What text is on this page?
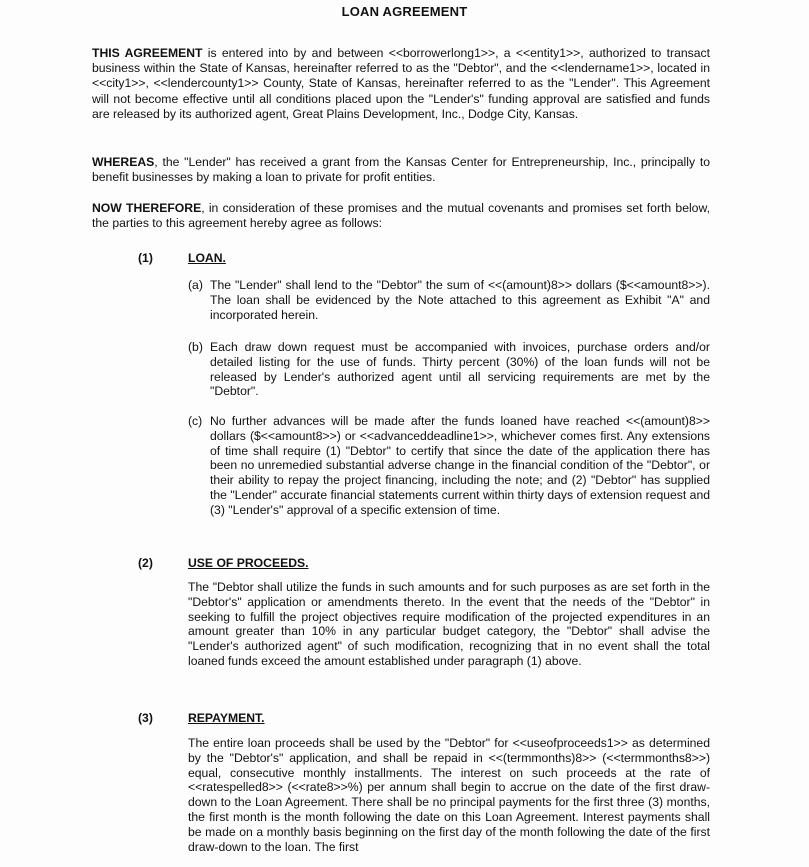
LOAN AGREEMENT

THIS AGREEMENT is entered into by and between <<borrowerlong1>>, a <<entity1>>, authorized to transact business within the State of Kansas, hereinafter referred to as the "Debtor", and the <<lendername1>>, located in <<city1>>, <<lendercounty1>> County, State of Kansas, hereinafter referred to as the "Lender". This Agreement will not become effective until all conditions placed upon the "Lender's" funding approval are satisfied and funds are released by its authorized agent, Great Plains Development, Inc., Dodge City, Kansas.

WHEREAS, the "Lender" has received a grant from the Kansas Center for Entrepreneurship, Inc., principally to benefit businesses by making a loan to private for profit entities.

NOW THEREFORE, in consideration of these promises and the mutual covenants and promises set forth below, the parties to this agreement hereby agree as follows:

(1)	LOAN.
(a) The "Lender" shall lend to the "Debtor" the sum of <<(amount)8>> dollars ($<<amount8>>). The loan shall be evidenced by the Note attached to this agreement as Exhibit "A" and incorporated herein.

(b) Each draw down request must be accompanied with invoices, purchase orders and/or detailed listing for the use of funds. Thirty percent (30%) of the loan funds will not be released by Lender's authorized agent until all servicing requirements are met by the "Debtor".

(c) No further advances will be made after the funds loaned have reached <<(amount)8>> dollars ($<<amount8>>) or <<advanceddeadline1>>, whichever comes first. Any extensions of time shall require (1) "Debtor" to certify that since the date of the application there has been no unremedied substantial adverse change in the financial condition of the "Debtor", or their ability to repay the project financing, including the note; and (2) "Debtor" has supplied the "Lender" accurate financial statements current within thirty days of extension request and (3) "Lender's" approval of a specific extension of time.

(2)	USE OF PROCEEDS.

The "Debtor shall utilize the funds in such amounts and for such purposes as are set forth in the "Debtor's" application or amendments thereto. In the event that the needs of the "Debtor" in seeking to fulfill the project objectives require modification of the projected expenditures in an amount greater than 10% in any particular budget category, the "Debtor" shall advise the "Lender's authorized agent" of such modification, recognizing that in no event shall the total loaned funds exceed the amount established under paragraph (1) above.

(3)	REPAYMENT.

The entire loan proceeds shall be used by the "Debtor" for <<useofproceeds1>> as determined by the "Debtor's" application, and shall be repaid in <<(termmonths)8>> (<<termmonths8>>) equal, consecutive monthly installments. The interest on such proceeds at the rate of <<ratespelled8>> (<<rate8>>%) per annum shall begin to accrue on the date of the first draw-down to the Loan Agreement. There shall be no principal payments for the first three (3) months, the first month is the month following the date on this Loan Agreement. Interest payments shall be made on a monthly basis beginning on the first day of the month following the date of the first draw-down to the loan. The first
